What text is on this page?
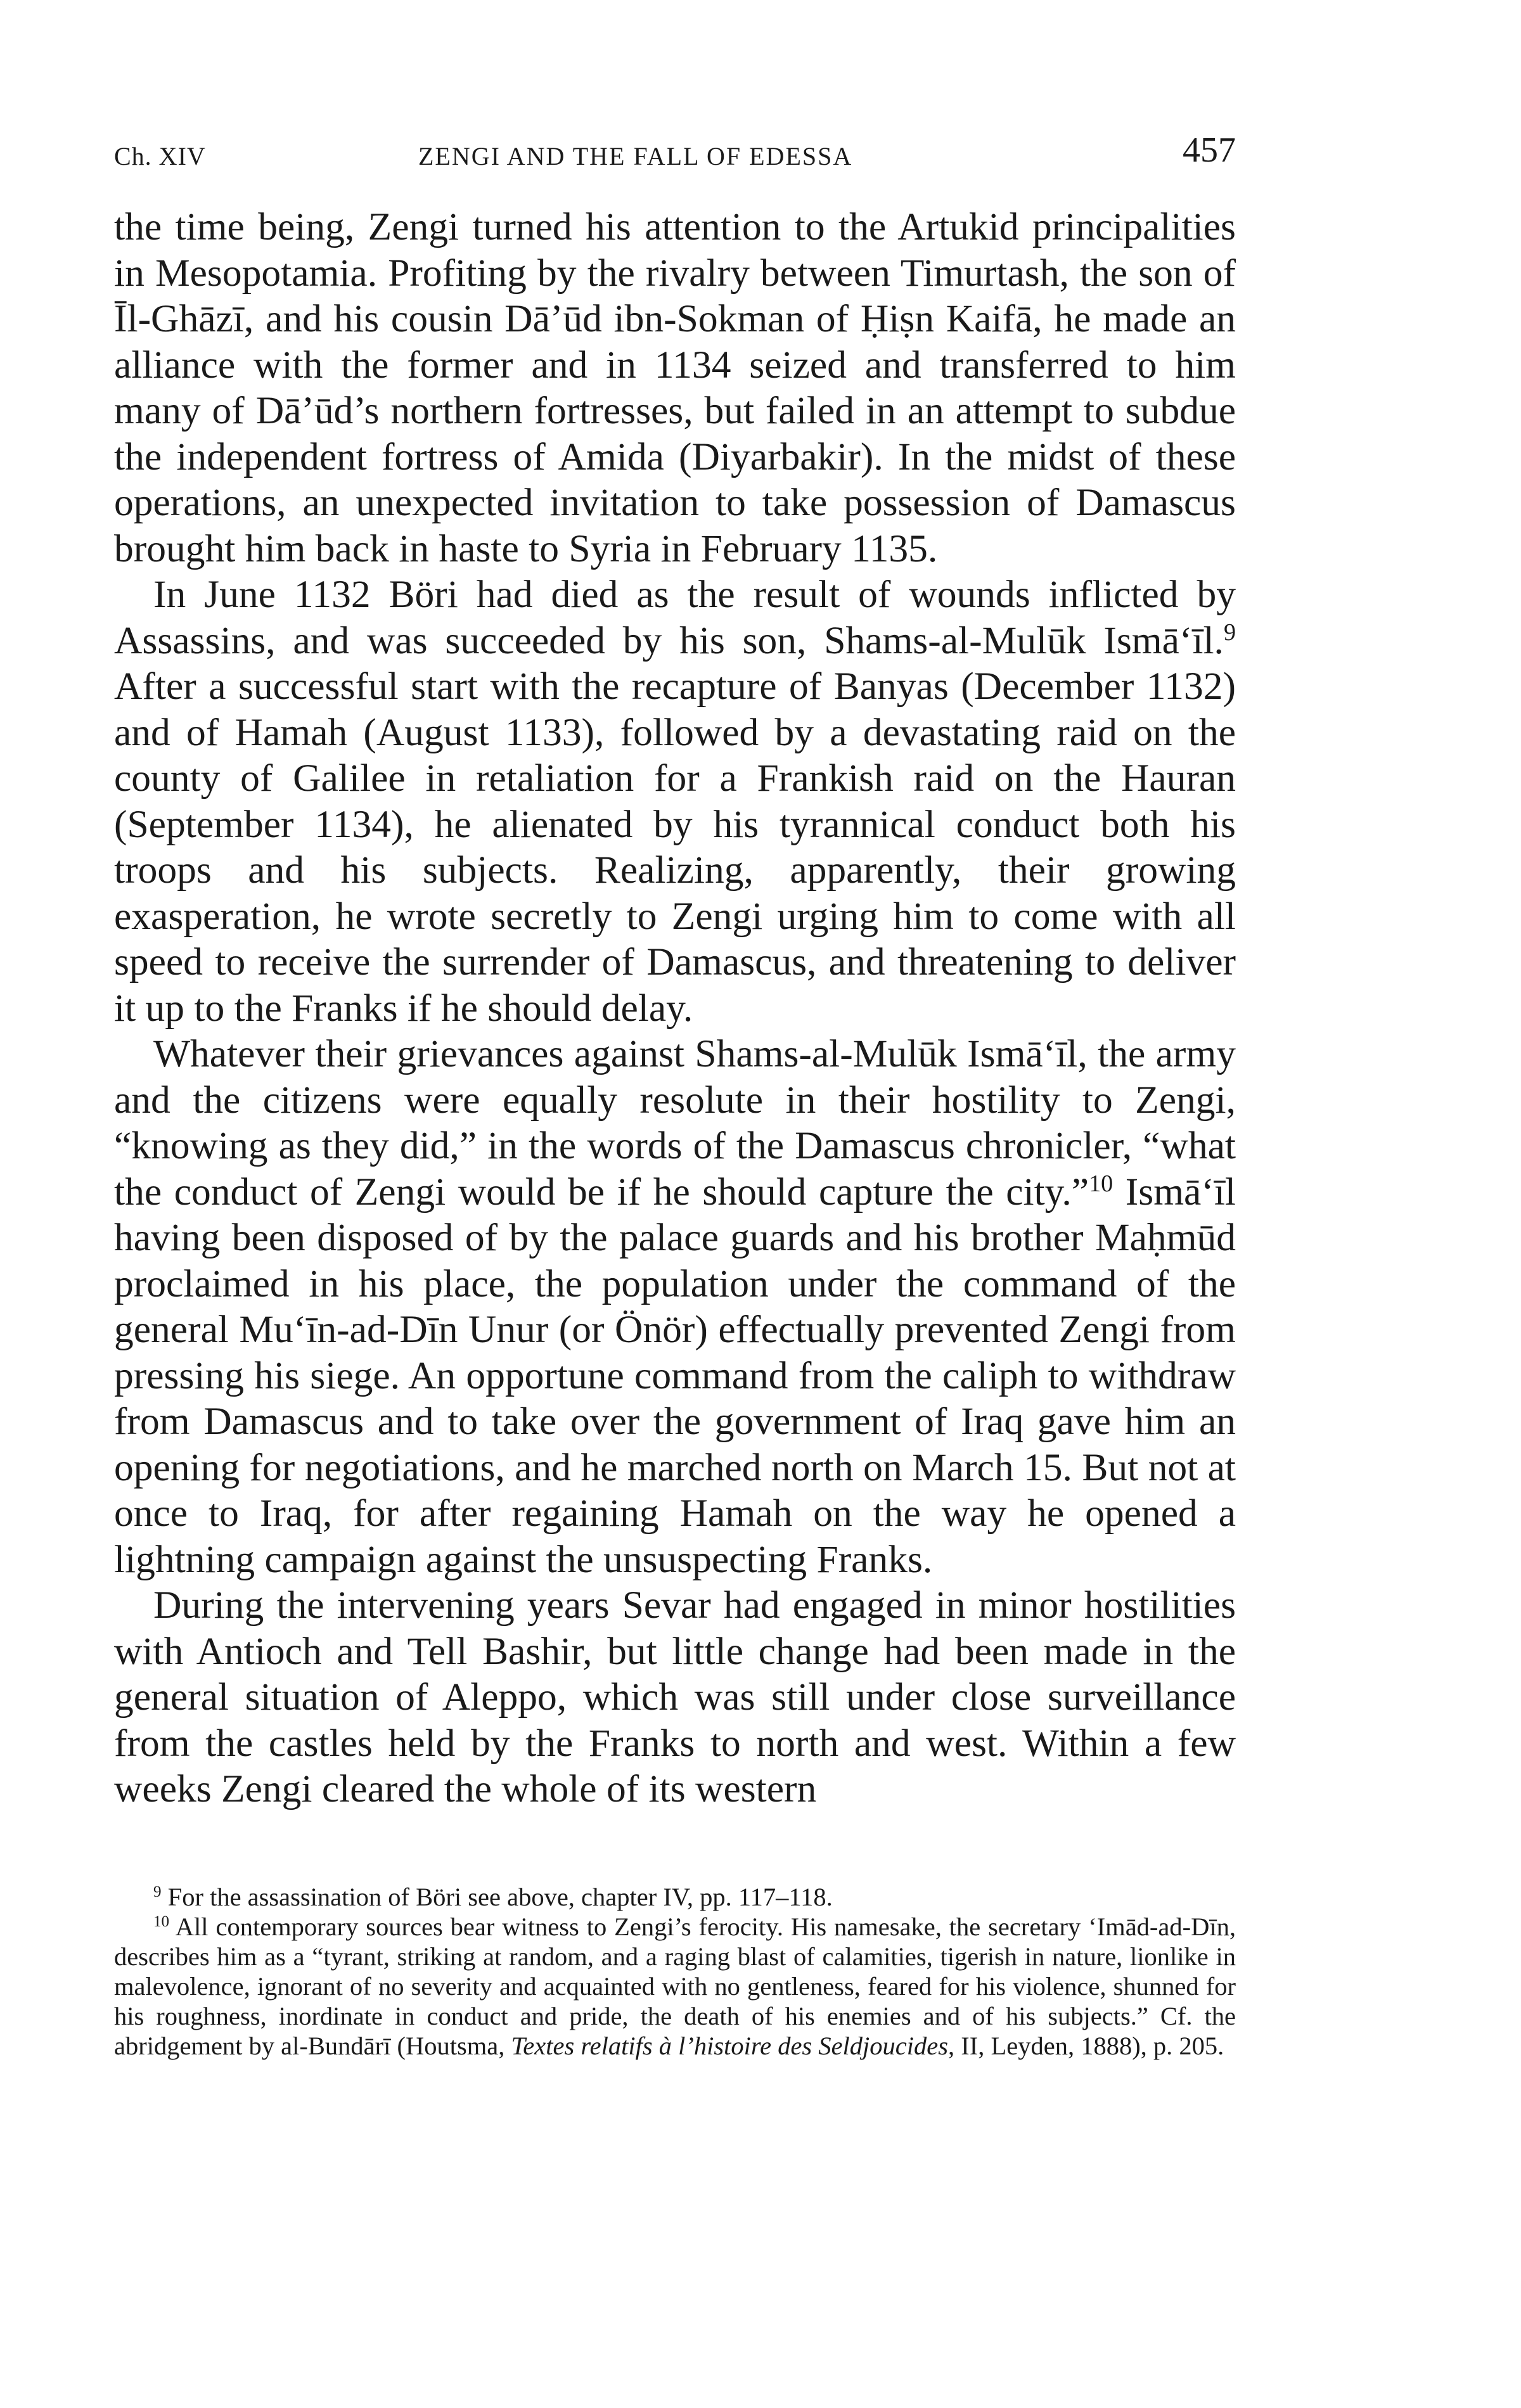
Ch. XIV	ZENGI AND THE FALL OF EDESSA	457

the time being, Zengi turned his attention to the Artukid principalities in Mesopotamia. Profiting by the rivalry between Timurtash, the son of Īl-Ghāzī, and his cousin Dā’ūd ibn-Sokman of Ḥiṣn Kaifā, he made an alliance with the former and in 1134 seized and transferred to him many of Dā’ūd’s northern fortresses, but failed in an attempt to subdue the independent fortress of Amida (Diyarbakir). In the midst of these operations, an unexpected invitation to take possession of Damascus brought him back in haste to Syria in February 1135.

In June 1132 Böri had died as the result of wounds inflicted by Assassins, and was succeeded by his son, Shams-al-Mulūk Ismā‘īl.$^9$ After a successful start with the recapture of Banyas (December 1132) and of Hamah (August 1133), followed by a devastating raid on the county of Galilee in retaliation for a Frankish raid on the Hauran (September 1134), he alienated by his tyrannical conduct both his troops and his subjects. Realizing, apparently, their growing exasperation, he wrote secretly to Zengi urging him to come with all speed to receive the surrender of Damascus, and threatening to deliver it up to the Franks if he should delay.

Whatever their grievances against Shams-al-Mulūk Ismā‘īl, the army and the citizens were equally resolute in their hostility to Zengi, “knowing as they did,” in the words of the Damascus chronicler, “what the conduct of Zengi would be if he should capture the city.”$^{10}$ Ismā‘īl having been disposed of by the palace guards and his brother Maḥmūd proclaimed in his place, the population under the command of the general Mu‘īn-ad-Dīn Unur (or Önör) effectually prevented Zengi from pressing his siege. An opportune command from the caliph to withdraw from Damascus and to take over the government of Iraq gave him an opening for negotiations, and he marched north on March 15. But not at once to Iraq, for after regaining Hamah on the way he opened a lightning campaign against the unsuspecting Franks.

During the intervening years Sevar had engaged in minor hostilities with Antioch and Tell Bashir, but little change had been made in the general situation of Aleppo, which was still under close surveillance from the castles held by the Franks to north and west. Within a few weeks Zengi cleared the whole of its western

$^9$ For the assassination of Böri see above, chapter IV, pp. 117–118.

$^{10}$ All contemporary sources bear witness to Zengi’s ferocity. His namesake, the secretary ‘Imād-ad-Dīn, describes him as a “tyrant, striking at random, and a raging blast of calamities, tigerish in nature, lionlike in malevolence, ignorant of no severity and acquainted with no gentleness, feared for his violence, shunned for his roughness, inordinate in conduct and pride, the death of his enemies and of his subjects.” Cf. the abridgement by al-Bundārī (Houtsma, Textes relatifs à l’histoire des Seldjoucides, II, Leyden, 1888), p. 205.
